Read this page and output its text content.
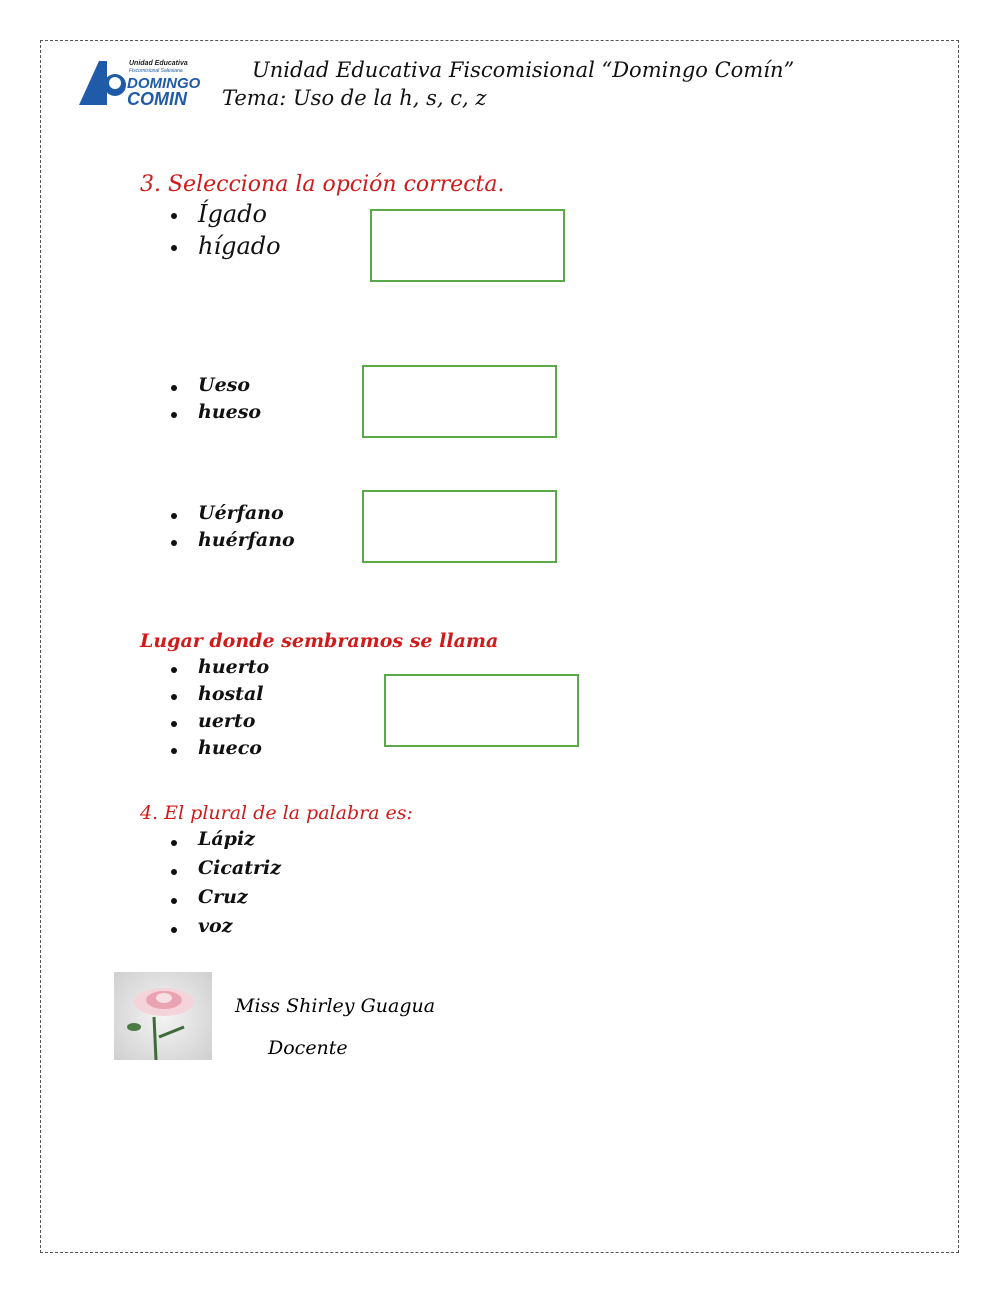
Unidad Educativa
Fiscomisional Salesiana
DOMINGO
COMIN
Unidad Educativa Fiscomisional “Domingo Comín”
Tema: Uso de la h, s, c, z
3. Selecciona la opción correcta.
Ígado
hígado
Ueso
hueso
Uérfano
huérfano
Lugar donde sembramos se llama
huerto
hostal
uerto
hueco
4. El plural de la palabra es:
Lápiz
Cicatriz
Cruz
voz
Miss Shirley Guagua
Docente
